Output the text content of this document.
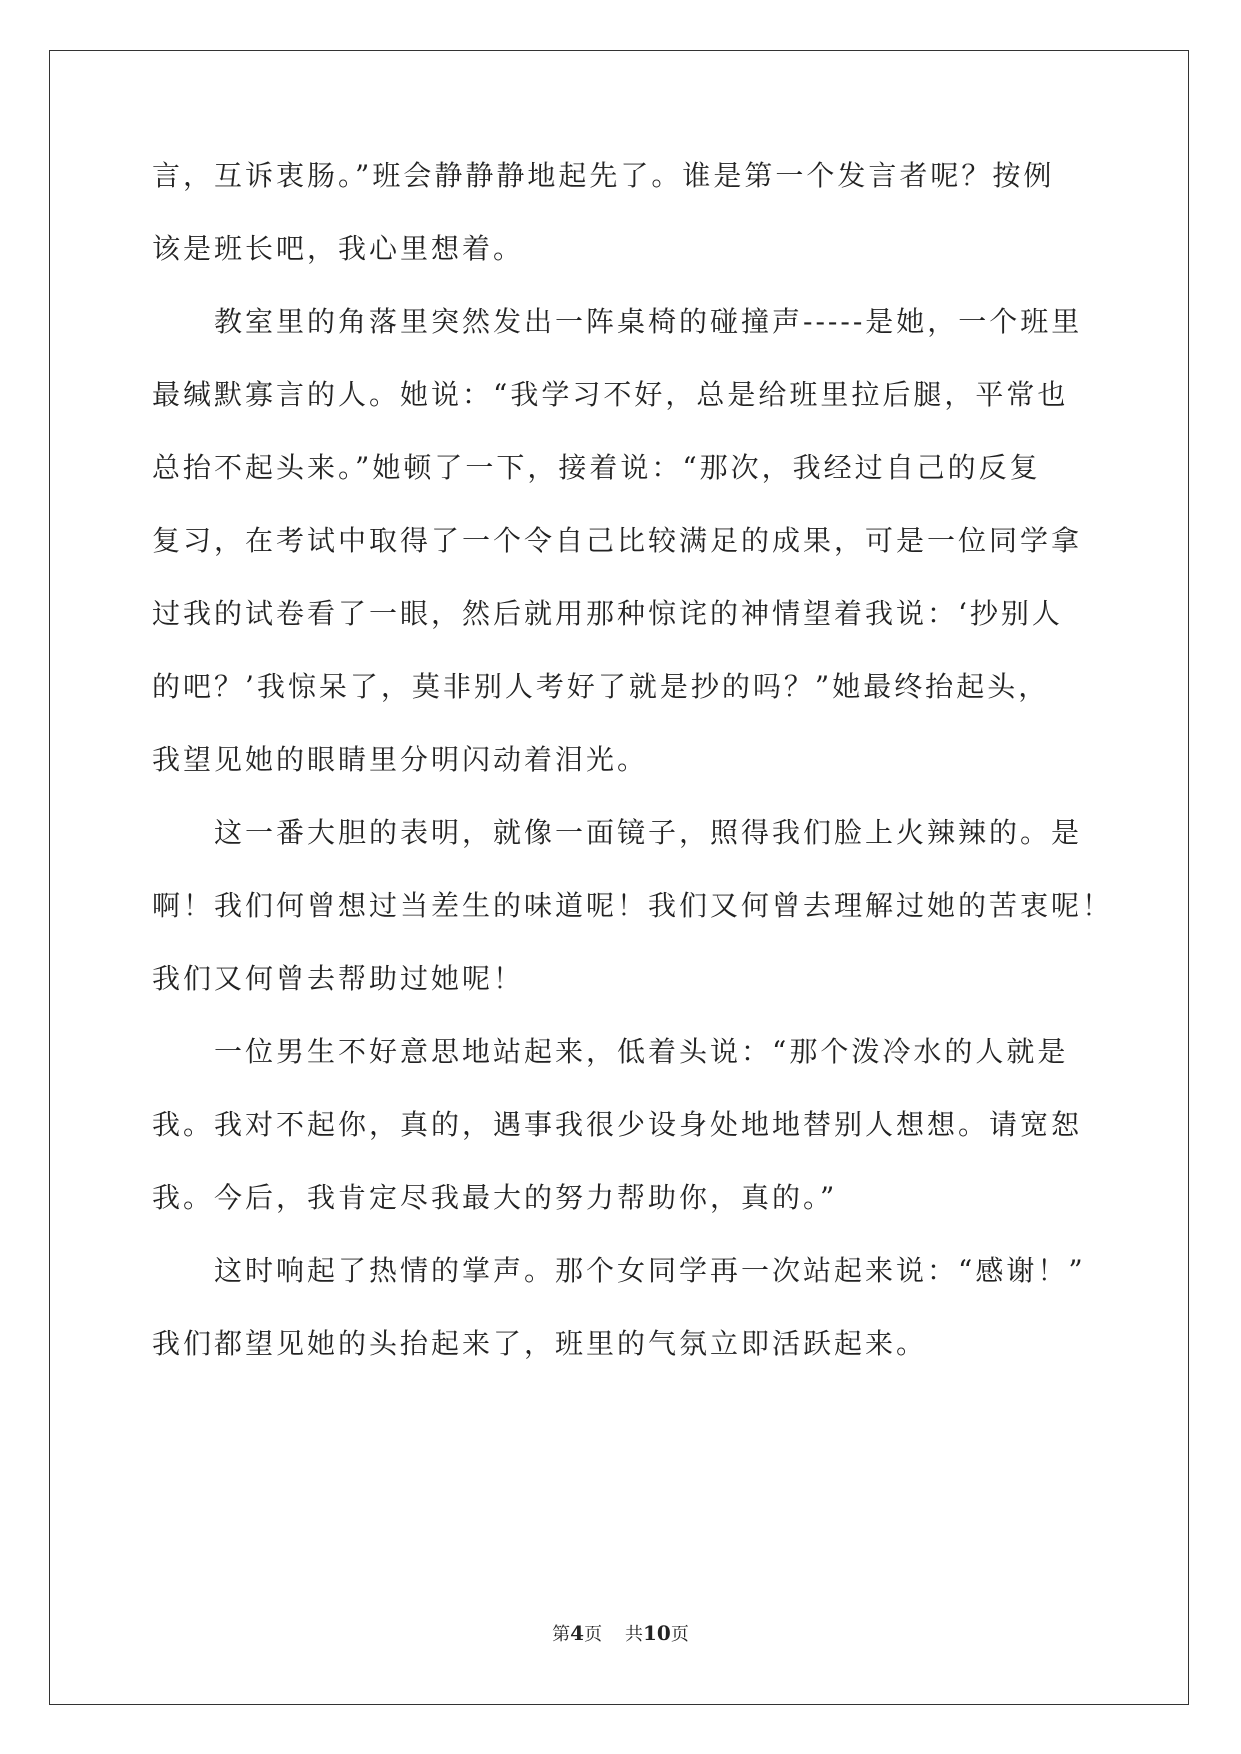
言，互诉衷肠。”班会静静静地起先了。谁是第一个发言者呢？按例
该是班长吧，我心里想着。
教室里的角落里突然发出一阵桌椅的碰撞声-----是她，一个班里
最缄默寡言的人。她说：“我学习不好，总是给班里拉后腿，平常也
总抬不起头来。”她顿了一下，接着说：“那次，我经过自己的反复
复习，在考试中取得了一个令自己比较满足的成果，可是一位同学拿
过我的试卷看了一眼，然后就用那种惊诧的神情望着我说：‘抄别人
的吧？’我惊呆了，莫非别人考好了就是抄的吗？”她最终抬起头，
我望见她的眼睛里分明闪动着泪光。
这一番大胆的表明，就像一面镜子，照得我们脸上火辣辣的。是
啊！我们何曾想过当差生的味道呢！我们又何曾去理解过她的苦衷呢！
我们又何曾去帮助过她呢！
一位男生不好意思地站起来，低着头说：“那个泼冷水的人就是
我。我对不起你，真的，遇事我很少设身处地地替别人想想。请宽恕
我。今后，我肯定尽我最大的努力帮助你，真的。”
这时响起了热情的掌声。那个女同学再一次站起来说：“感谢！”
我们都望见她的头抬起来了，班里的气氛立即活跃起来。
第4页 共10页
